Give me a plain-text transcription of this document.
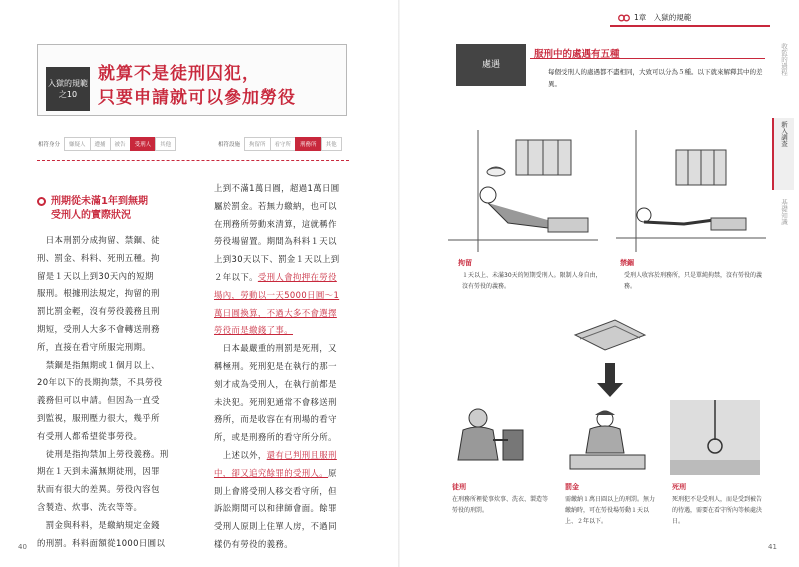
入獄的規範
之10
就算不是徒刑囚犯，
只要申請就可以參加勞役
相符身分	嫌疑人	遭捕	被告	受刑人	其他	相符設施	拘留所	看守所	刑務所	其他
刑期從未滿1年到無期
受刑人的實際狀況
　日本刑罰分成拘留、禁錮、徒
刑、罰金、科料、死刑五種。拘
留是１天以上到30天內的短期
服刑。根據刑法規定，拘留的刑
罰比罰金輕，沒有勞役義務且刑
期短，受刑人大多不會轉送刑務
所，直接在看守所服完刑期。
　禁錮是指無期或１個月以上、
20年以下的長期拘禁，不具勞役
義務但可以申請。但因為一直受
到監視，服刑壓力很大，幾乎所
有受刑人都希望從事勞役。
　徒刑是指拘禁加上勞役義務。刑
期在１天到未滿無期徒刑，因罪
狀而有很大的差異。勞役內容包
含製造、炊事、洗衣等等。
　罰金與科料，是繳納規定金錢
的刑罰。科料面額從1000日圓以
上到不滿1萬日圓，超過1萬日圓
屬於罰金。若無力繳納，也可以
在刑務所勞動來清算，這就稱作
勞役場留置。期間為科料１天以
上到30天以下、罰金１天以上到
２年以下。受刑人會拘押在勞役
場內，勞動以一天5000日圓～1
萬日圓換算，不過大多不會選擇
勞役而是繳錢了事。
　日本最嚴重的刑罰是死刑，又
稱極刑。死刑犯是在執行的那一
刻才成為受刑人，在執行前都是
未決犯。死刑犯通常不會移送刑
務所，而是收容在有刑場的看守
所，或是刑務所的看守所分所。
　上述以外，還有已判刑且服刑
中，卻又追究餘罪的受刑人。原
則上會將受刑人移交看守所，但
訴訟期間可以和律師會面。餘罪
受刑人原則上住單人房，不過同
樣仍有勞役的義務。
40
1章　入獄的規範
收監的過程
新入調查
基礎知識
處遇
服刑中的處遇有五種
每個受刑人的處遇都不盡相同，大致可以分為５種。以下就來解釋其中的差異。
拘留
１天以上、未滿30天的短期受刑人。限制人身自由，沒有勞役的義務。
禁錮
受刑人收容於刑務所，只是單純拘禁，沒有勞役的義務。
徒刑
在刑務所裡從事炊事、洗衣、製造等勞役的刑罰。
罰金
需繳納１萬日圓以上的刑罰。無力繳納時，可在勞役場勞動１天以上、２年以下。
死刑
死刑犯不是受刑人，而是受到被告的待遇，需要在看守所內等候處決日。
41
